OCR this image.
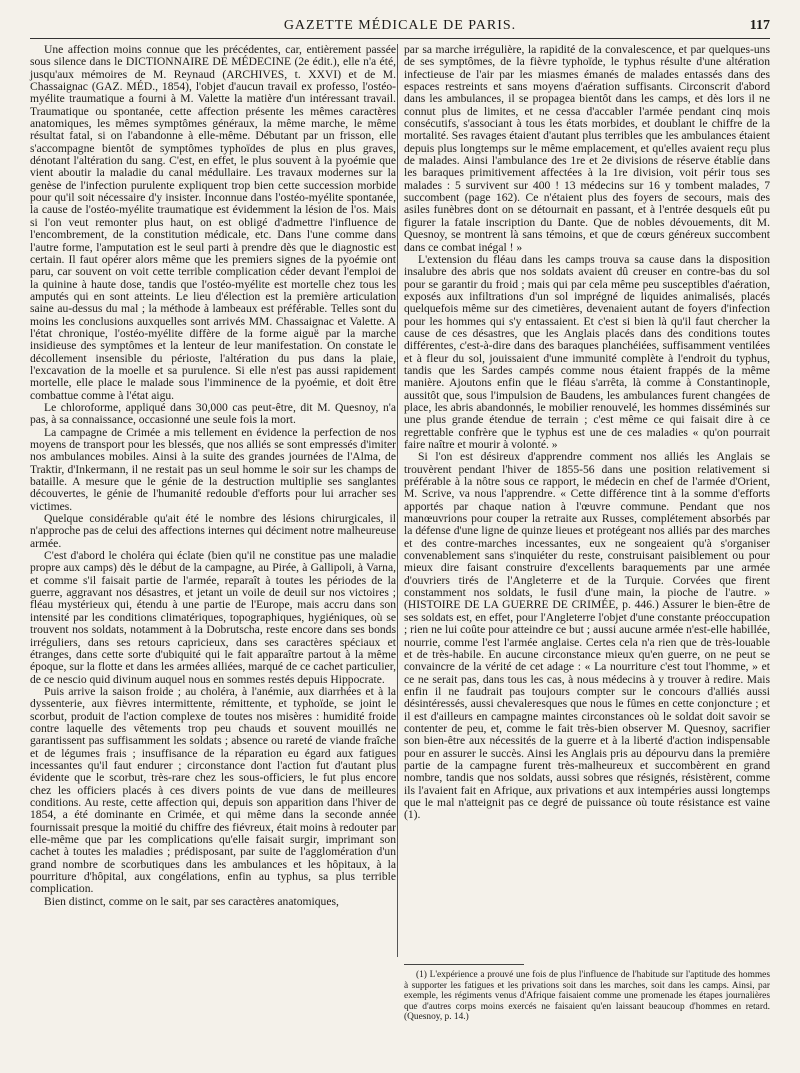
GAZETTE MÉDICALE DE PARIS.	117

Une affection moins connue que les précédentes, car, entièrement passée sous silence dans le DICTIONNAIRE DE MÉDECINE (2e édit.), elle n'a été, jusqu'aux mémoires de M. Reynaud (ARCHIVES, t. XXVI) et de M. Chassaignac (GAZ. MÉD., 1854), l'objet d'aucun travail ex professo, l'ostéo-myélite traumatique a fourni à M. Valette la matière d'un intéressant travail. Traumatique ou spontanée, cette affection présente les mêmes caractères anatomiques, les mêmes symptômes généraux, la même marche, le même résultat fatal, si on l'abandonne à elle-même. Débutant par un frisson, elle s'accompagne bientôt de symptômes typhoïdes de plus en plus graves, dénotant l'altération du sang. C'est, en effet, le plus souvent à la pyoémie que vient aboutir la maladie du canal médullaire. Les travaux modernes sur la genèse de l'infection purulente expliquent trop bien cette succession morbide pour qu'il soit nécessaire d'y insister. Inconnue dans l'ostéo-myélite spontanée, la cause de l'ostéo-myélite traumatique est évidemment la lésion de l'os. Mais si l'on veut remonter plus haut, on est obligé d'admettre l'influence de l'encombrement, de la constitution médicale, etc. Dans l'une comme dans l'autre forme, l'amputation est le seul parti à prendre dès que le diagnostic est certain. Il faut opérer alors même que les premiers signes de la pyoémie ont paru, car souvent on voit cette terrible complication céder devant l'emploi de la quinine à haute dose, tandis que l'ostéo-myélite est mortelle chez tous les amputés qui en sont atteints. Le lieu d'élection est la première articulation saine au-dessus du mal ; la méthode à lambeaux est préférable. Telles sont du moins les conclusions auxquelles sont arrivés MM. Chassaignac et Valette. A l'état chronique, l'ostéo-myélite diffère de la forme aiguë par la marche insidieuse des symptômes et la lenteur de leur manifestation. On constate le décollement insensible du périoste, l'altération du pus dans la plaie, l'excavation de la moelle et sa purulence. Si elle n'est pas aussi rapidement mortelle, elle place le malade sous l'imminence de la pyoémie, et doit être combattue comme à l'état aigu.

Le chloroforme, appliqué dans 30,000 cas peut-être, dit M. Quesnoy, n'a pas, à sa connaissance, occasionné une seule fois la mort.

La campagne de Crimée a mis tellement en évidence la perfection de nos moyens de transport pour les blessés, que nos alliés se sont empressés d'imiter nos ambulances mobiles. Ainsi à la suite des grandes journées de l'Alma, de Traktir, d'Inkermann, il ne restait pas un seul homme le soir sur les champs de bataille. A mesure que le génie de la destruction multiplie ses sanglantes découvertes, le génie de l'humanité redouble d'efforts pour lui arracher ses victimes.

Quelque considérable qu'ait été le nombre des lésions chirurgicales, il n'approche pas de celui des affections internes qui déciment notre malheureuse armée.

C'est d'abord le choléra qui éclate (bien qu'il ne constitue pas une maladie propre aux camps) dès le début de la campagne, au Pirée, à Gallipoli, à Varna, et comme s'il faisait partie de l'armée, reparaît à toutes les périodes de la guerre, aggravant nos désastres, et jetant un voile de deuil sur nos victoires ; fléau mystérieux qui, étendu à une partie de l'Europe, mais accru dans son intensité par les conditions climatériques, topographiques, hygiéniques, où se trouvent nos soldats, notamment à la Dobrutscha, reste encore dans ses bonds irréguliers, dans ses retours capricieux, dans ses caractères spéciaux et étranges, dans cette sorte d'ubiquité qui le fait apparaître partout à la même époque, sur la flotte et dans les armées alliées, marqué de ce cachet particulier, de ce nescio quid divinum auquel nous en sommes restés depuis Hippocrate.

Puis arrive la saison froide ; au choléra, à l'anémie, aux diarrhées et à la dyssenterie, aux fièvres intermittente, rémittente, et typhoïde, se joint le scorbut, produit de l'action complexe de toutes nos misères : humidité froide contre laquelle des vêtements trop peu chauds et souvent mouillés ne garantissent pas suffisamment les soldats ; absence ou rareté de viande fraîche et de légumes frais ; insuffisance de la réparation eu égard aux fatigues incessantes qu'il faut endurer ; circonstance dont l'action fut d'autant plus évidente que le scorbut, très-rare chez les sous-officiers, le fut plus encore chez les officiers placés à ces divers points de vue dans de meilleures conditions. Au reste, cette affection qui, depuis son apparition dans l'hiver de 1854, a été dominante en Crimée, et qui même dans la seconde année fournissait presque la moitié du chiffre des fiévreux, était moins à redouter par elle-même que par les complications qu'elle faisait surgir, imprimant son cachet à toutes les maladies ; prédisposant, par suite de l'agglomération d'un grand nombre de scorbutiques dans les ambulances et les hôpitaux, à la pourriture d'hôpital, aux congélations, enfin au typhus, sa plus terrible complication.

Bien distinct, comme on le sait, par ses caractères anatomiques,

par sa marche irrégulière, la rapidité de la convalescence, et par quelques-uns de ses symptômes, de la fièvre typhoïde, le typhus résulte d'une altération infectieuse de l'air par les miasmes émanés de malades entassés dans des espaces restreints et sans moyens d'aération suffisants. Circonscrit d'abord dans les ambulances, il se propagea bientôt dans les camps, et dès lors il ne connut plus de limites, et ne cessa d'accabler l'armée pendant cinq mois consécutifs, s'associant à tous les états morbides, et doublant le chiffre de la mortalité. Ses ravages étaient d'autant plus terribles que les ambulances étaient depuis plus longtemps sur le même emplacement, et qu'elles avaient reçu plus de malades. Ainsi l'ambulance des 1re et 2e divisions de réserve établie dans les baraques primitivement affectées à la 1re division, voit périr tous ses malades : 5 survivent sur 400 ! 13 médecins sur 16 y tombent malades, 7 succombent (page 162). Ce n'étaient plus des foyers de secours, mais des asiles funèbres dont on se détournait en passant, et à l'entrée desquels eût pu figurer la fatale inscription du Dante. Que de nobles dévouements, dit M. Quesnoy, se montrent là sans témoins, et que de cœurs généreux succombent dans ce combat inégal ! »

L'extension du fléau dans les camps trouva sa cause dans la disposition insalubre des abris que nos soldats avaient dû creuser en contre-bas du sol pour se garantir du froid ; mais qui par cela même peu susceptibles d'aération, exposés aux infiltrations d'un sol imprégné de liquides animalisés, placés quelquefois même sur des cimetières, devenaient autant de foyers d'infection pour les hommes qui s'y entassaient. Et c'est si bien là qu'il faut chercher la cause de ces désastres, que les Anglais placés dans des conditions toutes différentes, c'est-à-dire dans des baraques planchéiées, suffisamment ventilées et à fleur du sol, jouissaient d'une immunité complète à l'endroit du typhus, tandis que les Sardes campés comme nous étaient frappés de la même manière. Ajoutons enfin que le fléau s'arrêta, là comme à Constantinople, aussitôt que, sous l'impulsion de Baudens, les ambulances furent changées de place, les abris abandonnés, le mobilier renouvelé, les hommes disséminés sur une plus grande étendue de terrain ; c'est même ce qui faisait dire à ce regrettable confrère que le typhus est une de ces maladies « qu'on pourrait faire naître et mourir à volonté. »

Si l'on est désireux d'apprendre comment nos alliés les Anglais se trouvèrent pendant l'hiver de 1855-56 dans une position relativement si préférable à la nôtre sous ce rapport, le médecin en chef de l'armée d'Orient, M. Scrive, va nous l'apprendre. « Cette différence tint à la somme d'efforts apportés par chaque nation à l'œuvre commune. Pendant que nos manœuvrions pour couper la retraite aux Russes, complétement absorbés par la défense d'une ligne de quinze lieues et protégeant nos alliés par des marches et des contre-marches incessantes, eux ne songeaient qu'à s'organiser convenablement sans s'inquiéter du reste, construisant paisiblement ou pour mieux dire faisant construire d'excellents baraquements par une armée d'ouvriers tirés de l'Angleterre et de la Turquie. Corvées que firent constamment nos soldats, le fusil d'une main, la pioche de l'autre. » (HISTOIRE DE LA GUERRE DE CRIMÉE, p. 446.) Assurer le bien-être de ses soldats est, en effet, pour l'Angleterre l'objet d'une constante préoccupation ; rien ne lui coûte pour atteindre ce but ; aussi aucune armée n'est-elle habillée, nourrie, comme l'est l'armée anglaise. Certes cela n'a rien que de très-louable et de très-habile. En aucune circonstance mieux qu'en guerre, on ne peut se convaincre de la vérité de cet adage : « La nourriture c'est tout l'homme, » et ce ne serait pas, dans tous les cas, à nous médecins à y trouver à redire. Mais enfin il ne faudrait pas toujours compter sur le concours d'alliés aussi désintéressés, aussi chevaleresques que nous le fûmes en cette conjoncture ; et il est d'ailleurs en campagne maintes circonstances où le soldat doit savoir se contenter de peu, et, comme le fait très-bien observer M. Quesnoy, sacrifier son bien-être aux nécessités de la guerre et à la liberté d'action indispensable pour en assurer le succès. Ainsi les Anglais pris au dépourvu dans la première partie de la campagne furent très-malheureux et succombèrent en grand nombre, tandis que nos soldats, aussi sobres que résignés, résistèrent, comme ils l'avaient fait en Afrique, aux privations et aux intempéries aussi longtemps que le mal n'atteignit pas ce degré de puissance où toute résistance est vaine (1).

(1) L'expérience a prouvé une fois de plus l'influence de l'habitude sur l'aptitude des hommes à supporter les fatigues et les privations soit dans les marches, soit dans les camps. Ainsi, par exemple, les régiments venus d'Afrique faisaient comme une promenade les étapes journalières que d'autres corps moins exercés ne faisaient qu'en laissant beaucoup d'hommes en retard. (Quesnoy, p. 14.)
